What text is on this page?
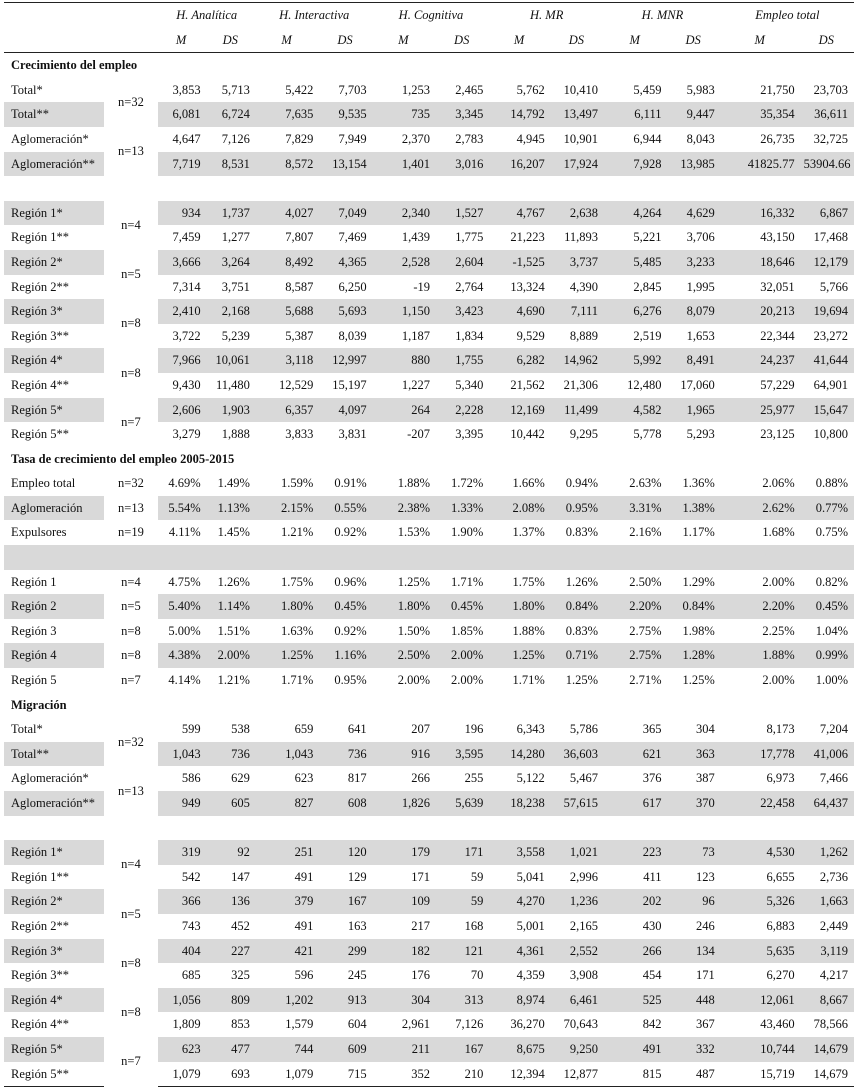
		H. Analítica		H. Interactiva		H. Cognitiva		H. MR		H. MNR		Empleo total	
		M	DS	M	DS	M	DS	M	DS	M	DS	M	DS
Crecimiento del empleo													
Total*	n=32	3,853	5,713	5,422	7,703	1,253	2,465	5,762	10,410	5,459	5,983	21,750	23,703
Total**		6,081	6,724	7,635	9,535	735	3,345	14,792	13,497	6,111	9,447	35,354	36,611
Aglomeración*	n=13	4,647	7,126	7,829	7,949	2,370	2,783	4,945	10,901	6,944	8,043	26,735	32,725
Aglomeración**		7,719	8,531	8,572	13,154	1,401	3,016	16,207	17,924	7,928	13,985	41825.77	53904.66

Región 1*	n=4	934	1,737	4,027	7,049	2,340	1,527	4,767	2,638	4,264	4,629	16,332	6,867
Región 1**		7,459	1,277	7,807	7,469	1,439	1,775	21,223	11,893	5,221	3,706	43,150	17,468
Región 2*	n=5	3,666	3,264	8,492	4,365	2,528	2,604	-1,525	3,737	5,485	3,233	18,646	12,179
Región 2**		7,314	3,751	8,587	6,250	-19	2,764	13,324	4,390	2,845	1,995	32,051	5,766
Región 3*	n=8	2,410	2,168	5,688	5,693	1,150	3,423	4,690	7,111	6,276	8,079	20,213	19,694
Región 3**		3,722	5,239	5,387	8,039	1,187	1,834	9,529	8,889	2,519	1,653	22,344	23,272
Región 4*	n=8	7,966	10,061	3,118	12,997	880	1,755	6,282	14,962	5,992	8,491	24,237	41,644
Región 4**		9,430	11,480	12,529	15,197	1,227	5,340	21,562	21,306	12,480	17,060	57,229	64,901
Región 5*	n=7	2,606	1,903	6,357	4,097	264	2,228	12,169	11,499	4,582	1,965	25,977	15,647
Región 5**		3,279	1,888	3,833	3,831	-207	3,395	10,442	9,295	5,778	5,293	23,125	10,800
Tasa de crecimiento del empleo 2005-2015													
Empleo total	n=32	4.69%	1.49%	1.59%	0.91%	1.88%	1.72%	1.66%	0.94%	2.63%	1.36%	2.06%	0.88%
Aglomeración	n=13	5.54%	1.13%	2.15%	0.55%	2.38%	1.33%	2.08%	0.95%	3.31%	1.38%	2.62%	0.77%
Expulsores	n=19	4.11%	1.45%	1.21%	0.92%	1.53%	1.90%	1.37%	0.83%	2.16%	1.17%	1.68%	0.75%

Región 1	n=4	4.75%	1.26%	1.75%	0.96%	1.25%	1.71%	1.75%	1.26%	2.50%	1.29%	2.00%	0.82%
Región 2	n=5	5.40%	1.14%	1.80%	0.45%	1.80%	0.45%	1.80%	0.84%	2.20%	0.84%	2.20%	0.45%
Región 3	n=8	5.00%	1.51%	1.63%	0.92%	1.50%	1.85%	1.88%	0.83%	2.75%	1.98%	2.25%	1.04%
Región 4	n=8	4.38%	2.00%	1.25%	1.16%	2.50%	2.00%	1.25%	0.71%	2.75%	1.28%	1.88%	0.99%
Región 5	n=7	4.14%	1.21%	1.71%	0.95%	2.00%	2.00%	1.71%	1.25%	2.71%	1.25%	2.00%	1.00%
Migración													
Total*	n=32	599	538	659	641	207	196	6,343	5,786	365	304	8,173	7,204
Total**		1,043	736	1,043	736	916	3,595	14,280	36,603	621	363	17,778	41,006
Aglomeración*	n=13	586	629	623	817	266	255	5,122	5,467	376	387	6,973	7,466
Aglomeración**		949	605	827	608	1,826	5,639	18,238	57,615	617	370	22,458	64,437

Región 1*	n=4	319	92	251	120	179	171	3,558	1,021	223	73	4,530	1,262
Región 1**		542	147	491	129	171	59	5,041	2,996	411	123	6,655	2,736
Región 2*	n=5	366	136	379	167	109	59	4,270	1,236	202	96	5,326	1,663
Región 2**		743	452	491	163	217	168	5,001	2,165	430	246	6,883	2,449
Región 3*	n=8	404	227	421	299	182	121	4,361	2,552	266	134	5,635	3,119
Región 3**		685	325	596	245	176	70	4,359	3,908	454	171	6,270	4,217
Región 4*	n=8	1,056	809	1,202	913	304	313	8,974	6,461	525	448	12,061	8,667
Región 4**		1,809	853	1,579	604	2,961	7,126	36,270	70,643	842	367	43,460	78,566
Región 5*	n=7	623	477	744	609	211	167	8,675	9,250	491	332	10,744	14,679
Región 5**		1,079	693	1,079	715	352	210	12,394	12,877	815	487	15,719	14,679
